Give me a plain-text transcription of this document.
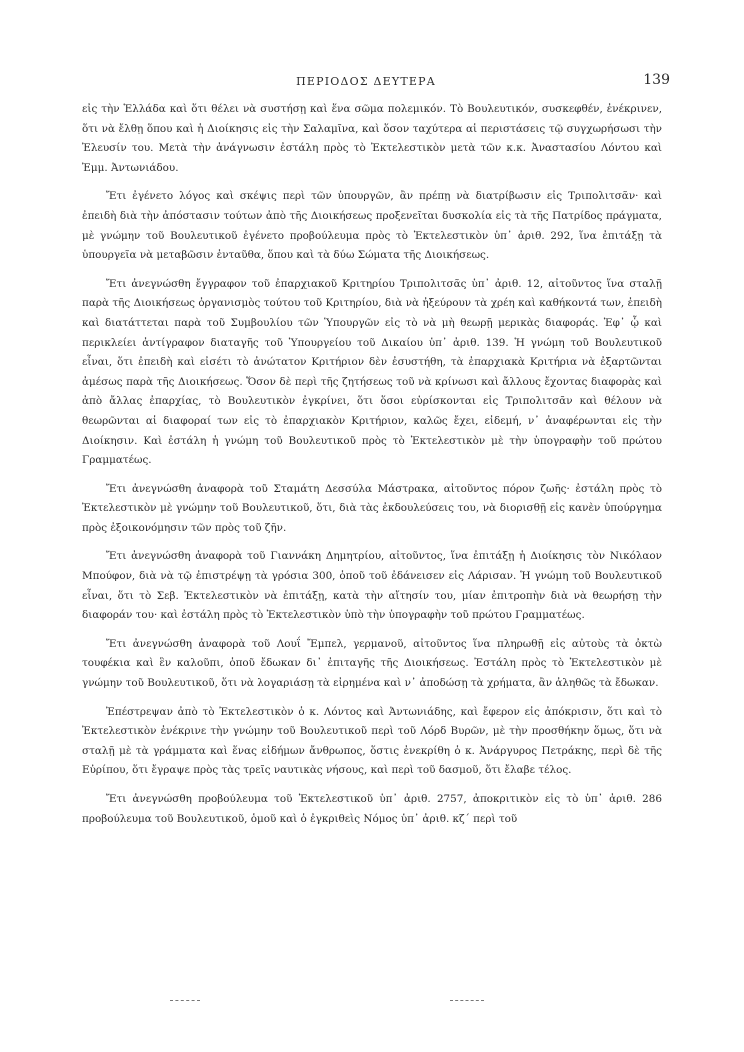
ΠΕΡΙΟΔΟΣ ΔΕΥΤΕΡΑ	139

εἰς τὴν Ἑλλάδα καὶ ὅτι θέλει νὰ συστήσῃ καὶ ἕνα σῶμα πολεμικόν. Τὸ Βουλευτικόν, συσκεφθέν, ἐνέκρινεν, ὅτι νὰ ἔλθῃ ὅπου καὶ ἡ Διοίκησις εἰς τὴν Σαλαμῖνα, καὶ ὅσον ταχύτερα αἱ περιστάσεις τῷ συγχωρήσωσι τὴν Ἐλευσίν του. Μετὰ τὴν ἀνάγνωσιν ἐστάλη πρὸς τὸ Ἐκτελεστικὸν μετὰ τῶν κ.κ. Ἀναστασίου Λόντου καὶ Ἐμμ. Ἀντωνιάδου.

Ἔτι ἐγένετο λόγος καὶ σκέψις περὶ τῶν ὑπουργῶν, ἂν πρέπῃ νὰ διατρίβωσιν εἰς Τριπολιτσᾶν· καὶ ἐπειδὴ διὰ τὴν ἀπόστασιν τούτων ἀπὸ τῆς Διοικήσεως προξενεῖται δυσκολία εἰς τὰ τῆς Πατρίδος πράγματα, μὲ γνώμην τοῦ Βουλευτικοῦ ἐγένετο προβούλευμα πρὸς τὸ Ἐκτελεστικὸν ὑπ᾽ ἀριθ. 292, ἵνα ἐπιτάξῃ τὰ ὑπουργεῖα νὰ μεταβῶσιν ἐνταῦθα, ὅπου καὶ τὰ δύω Σώματα τῆς Διοικήσεως.

Ἔτι ἀνεγνώσθη ἔγγραφον τοῦ ἐπαρχιακοῦ Κριτηρίου Τριπολιτσᾶς ὑπ᾽ ἀριθ. 12, αἰτοῦντος ἵνα σταλῇ παρὰ τῆς Διοικήσεως ὀργανισμὸς τούτου τοῦ Κριτηρίου, διὰ νὰ ἠξεύρουν τὰ χρέη καὶ καθήκοντά των, ἐπειδὴ καὶ διατάττεται παρὰ τοῦ Συμβουλίου τῶν Ὑπουργῶν εἰς τὸ νὰ μὴ θεωρῇ μερικὰς διαφοράς. Ἐφ᾽ ᾧ καὶ περικλείει ἀντίγραφον διαταγῆς τοῦ Ὑπουργείου τοῦ Δικαίου ὑπ᾽ ἀριθ. 139. Ἡ γνώμη τοῦ Βουλευτικοῦ εἶναι, ὅτι ἐπειδὴ καὶ εἰσέτι τὸ ἀνώτατον Κριτήριον δὲν ἐσυστήθη, τὰ ἐπαρχιακὰ Κριτήρια νὰ ἐξαρτῶνται ἀμέσως παρὰ τῆς Διοικήσεως. Ὅσον δὲ περὶ τῆς ζητήσεως τοῦ νὰ κρίνωσι καὶ ἄλλους ἔχοντας διαφορὰς καὶ ἀπὸ ἄλλας ἐπαρχίας, τὸ Βουλευτικὸν ἐγκρίνει, ὅτι ὅσοι εὑρίσκονται εἰς Τριπολιτσᾶν καὶ θέλουν νὰ θεωρῶνται αἱ διαφοραί των εἰς τὸ ἐπαρχιακὸν Κριτήριον, καλῶς ἔχει, εἰδεμή, ν᾽ ἀναφέρωνται εἰς τὴν Διοίκησιν. Καὶ ἐστάλη ἡ γνώμη τοῦ Βουλευτικοῦ πρὸς τὸ Ἐκτελεστικὸν μὲ τὴν ὑπογραφὴν τοῦ πρώτου Γραμματέως.

Ἔτι ἀνεγνώσθη ἀναφορὰ τοῦ Σταμάτη Δεσσύλα Μάστρακα, αἰτοῦντος πόρον ζωῆς· ἐστάλη πρὸς τὸ Ἐκτελεστικὸν μὲ γνώμην τοῦ Βουλευτικοῦ, ὅτι, διὰ τὰς ἐκδουλεύσεις του, νὰ διορισθῇ εἰς κανὲν ὑπούργημα πρὸς ἐξοικονόμησιν τῶν πρὸς τοῦ ζῆν.

Ἔτι ἀνεγνώσθη ἀναφορὰ τοῦ Γιαννάκη Δημητρίου, αἰτοῦντος, ἵνα ἐπιτάξῃ ἡ Διοίκησις τὸν Νικόλαον Μπούφον, διὰ νὰ τῷ ἐπιστρέψῃ τὰ γρόσια 300, ὁποῦ τοῦ ἐδάνεισεν εἰς Λάρισαν. Ἡ γνώμη τοῦ Βουλευτικοῦ εἶναι, ὅτι τὸ Σεβ. Ἐκτελεστικὸν νὰ ἐπιτάξῃ, κατὰ τὴν αἴτησίν του, μίαν ἐπιτροπὴν διὰ νὰ θεωρήσῃ τὴν διαφοράν του· καὶ ἐστάλη πρὸς τὸ Ἐκτελεστικὸν ὑπὸ τὴν ὑπογραφὴν τοῦ πρώτου Γραμματέως.

Ἔτι ἀνεγνώσθη ἀναφορὰ τοῦ Λουΐ Ἔμπελ, γερμανοῦ, αἰτοῦντος ἵνα πληρωθῇ εἰς αὐτοὺς τὰ ὀκτὼ τουφέκια καὶ ἓν καλοῦπι, ὁποῦ ἔδωκαν δι᾽ ἐπιταγῆς τῆς Διοικήσεως. Ἐστάλη πρὸς τὸ Ἐκτελεστικὸν μὲ γνώμην τοῦ Βουλευτικοῦ, ὅτι νὰ λογαριάσῃ τὰ εἰρημένα καὶ ν᾽ ἀποδώσῃ τὰ χρήματα, ἂν ἀληθῶς τὰ ἔδωκαν.

Ἐπέστρεψαν ἀπὸ τὸ Ἐκτελεστικὸν ὁ κ. Λόντος καὶ Ἀντωνιάδης, καὶ ἔφερον εἰς ἀπόκρισιν, ὅτι καὶ τὸ Ἐκτελεστικὸν ἐνέκρινε τὴν γνώμην τοῦ Βουλευτικοῦ περὶ τοῦ Λόρδ Βυρῶν, μὲ τὴν προσθήκην ὅμως, ὅτι νὰ σταλῇ μὲ τὰ γράμματα καὶ ἕνας εἰδήμων ἄνθρωπος, ὅστις ἐνεκρίθη ὁ κ. Ἀνάργυρος Πετράκης, περὶ δὲ τῆς Εὐρίπου, ὅτι ἔγραψε πρὸς τὰς τρεῖς ναυτικὰς νήσους, καὶ περὶ τοῦ δασμοῦ, ὅτι ἔλαβε τέλος.

Ἔτι ἀνεγνώσθη προβούλευμα τοῦ Ἐκτελεστικοῦ ὑπ᾽ ἀριθ. 2757, ἀποκριτικὸν εἰς τὸ ὑπ᾽ ἀριθ. 286 προβούλευμα τοῦ Βουλευτικοῦ, ὁμοῦ καὶ ὁ ἐγκριθεὶς Νόμος ὑπ᾽ ἀριθ. κζ´ περὶ τοῦ
